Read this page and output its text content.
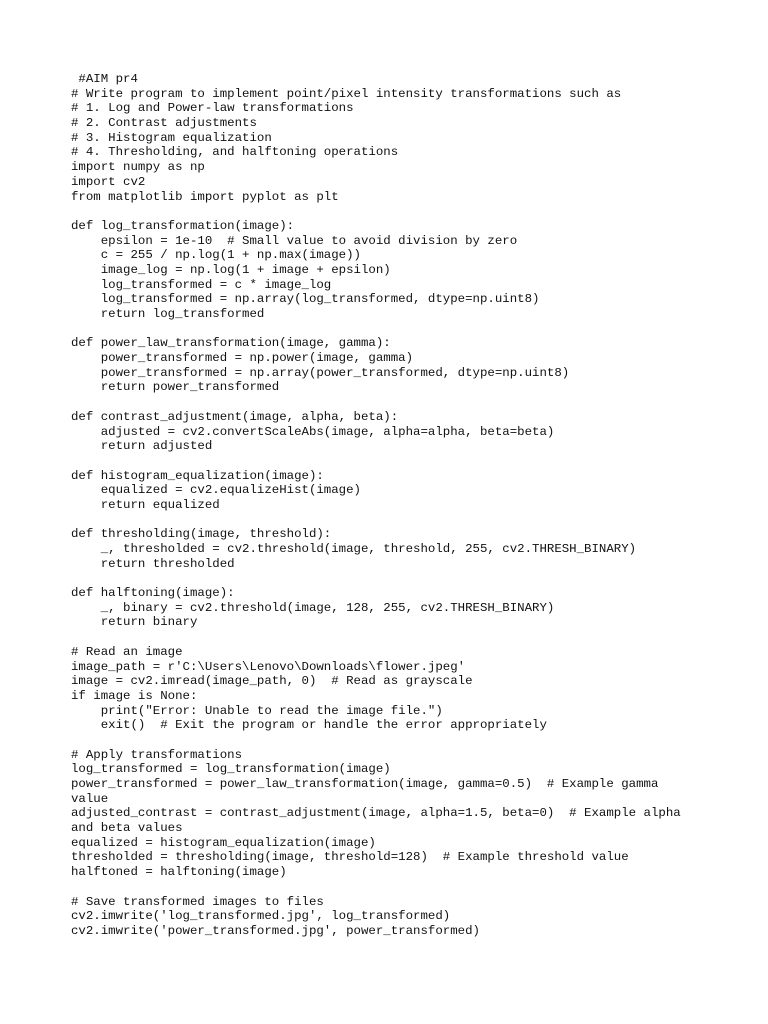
#AIM pr4
# Write program to implement point/pixel intensity transformations such as
# 1. Log and Power-law transformations
# 2. Contrast adjustments
# 3. Histogram equalization
# 4. Thresholding, and halftoning operations
import numpy as np
import cv2
from matplotlib import pyplot as plt
def log_transformation(image):
epsilon = 1e-10  # Small value to avoid division by zero
c = 255 / np.log(1 + np.max(image))
image_log = np.log(1 + image + epsilon)
log_transformed = c * image_log
log_transformed = np.array(log_transformed, dtype=np.uint8)
return log_transformed
def power_law_transformation(image, gamma):
power_transformed = np.power(image, gamma)
power_transformed = np.array(power_transformed, dtype=np.uint8)
return power_transformed
def contrast_adjustment(image, alpha, beta):
adjusted = cv2.convertScaleAbs(image, alpha=alpha, beta=beta)
return adjusted
def histogram_equalization(image):
equalized = cv2.equalizeHist(image)
return equalized
def thresholding(image, threshold):
_, thresholded = cv2.threshold(image, threshold, 255, cv2.THRESH_BINARY)
return thresholded
def halftoning(image):
_, binary = cv2.threshold(image, 128, 255, cv2.THRESH_BINARY)
return binary
# Read an image
image_path = r'C:\Users\Lenovo\Downloads\flower.jpeg'
image = cv2.imread(image_path, 0)  # Read as grayscale
if image is None:
print("Error: Unable to read the image file.")
exit()  # Exit the program or handle the error appropriately
# Apply transformations
log_transformed = log_transformation(image)
power_transformed = power_law_transformation(image, gamma=0.5)  # Example gamma
value
adjusted_contrast = contrast_adjustment(image, alpha=1.5, beta=0)  # Example alpha
and beta values
equalized = histogram_equalization(image)
thresholded = thresholding(image, threshold=128)  # Example threshold value
halftoned = halftoning(image)
# Save transformed images to files
cv2.imwrite('log_transformed.jpg', log_transformed)
cv2.imwrite('power_transformed.jpg', power_transformed)
